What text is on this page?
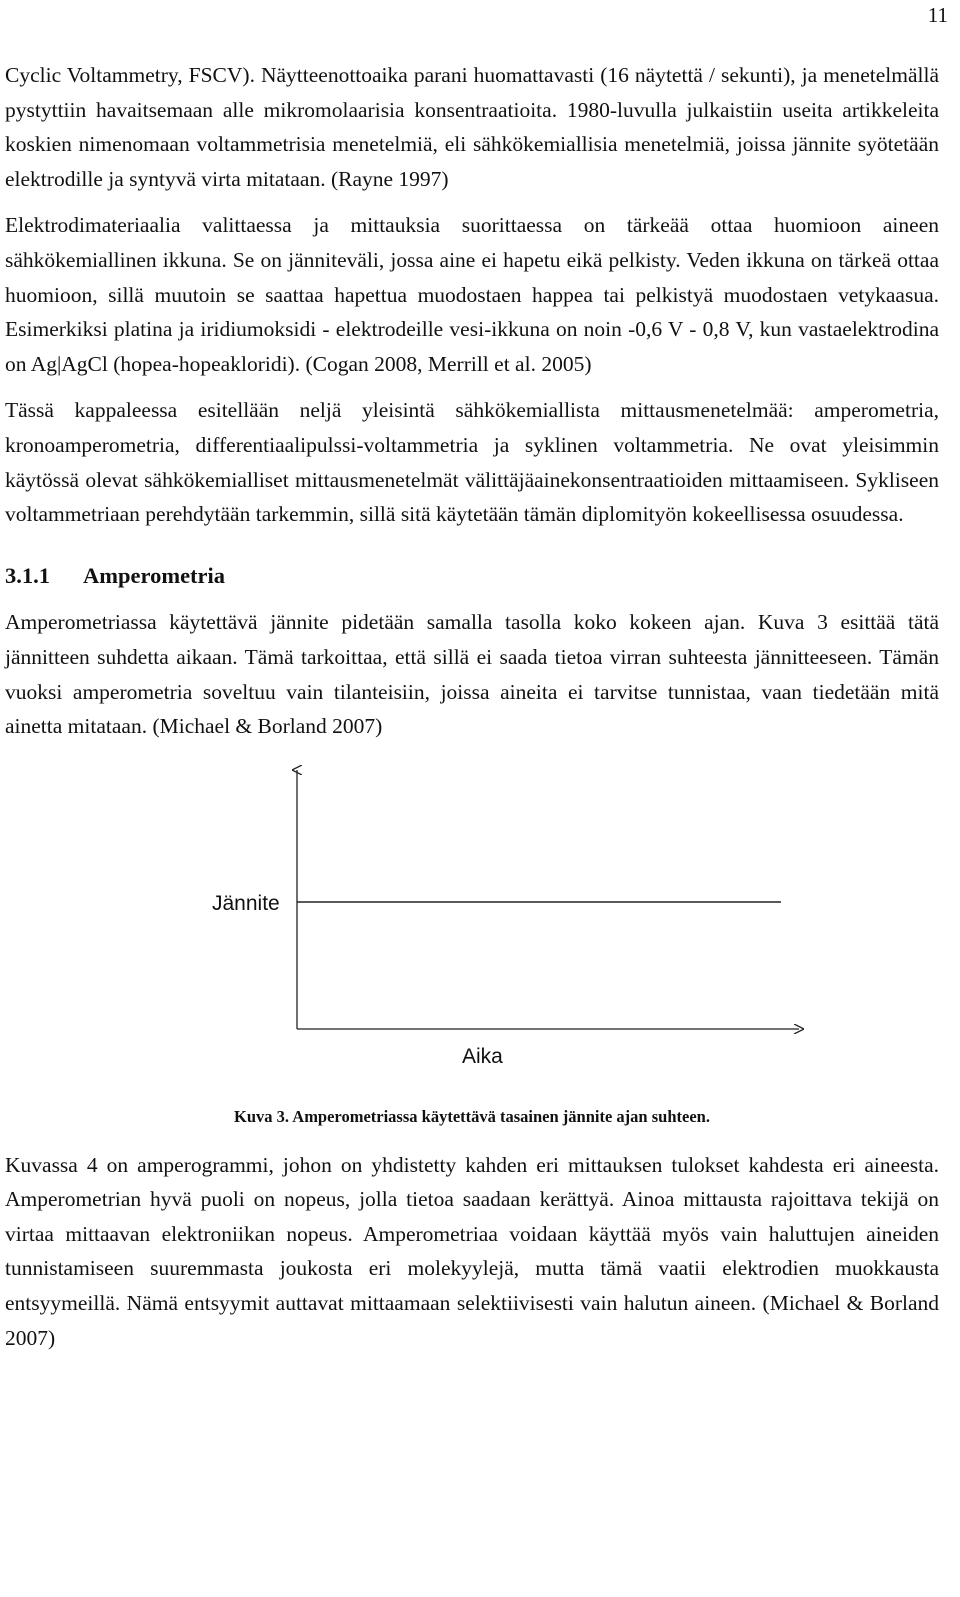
11

Cyclic Voltammetry, FSCV). Näytteenottoaika parani huomattavasti (16 näytettä / sekunti), ja menetelmällä pystyttiin havaitsemaan alle mikromolaarisia konsentraatioita. 1980-luvulla julkaistiin useita artikkeleita koskien nimenomaan voltammetrisia menetelmiä, eli sähkökemiallisia menetelmiä, joissa jännite syötetään elektrodille ja syntyvä virta mitataan. (Rayne 1997)

Elektrodimateriaalia valittaessa ja mittauksia suorittaessa on tärkeää ottaa huomioon aineen sähkökemiallinen ikkuna. Se on jänniteväli, jossa aine ei hapetu eikä pelkisty. Veden ikkuna on tärkeä ottaa huomioon, sillä muutoin se saattaa hapettua muodostaen happea tai pelkistyä muodostaen vetykaasua. Esimerkiksi platina ja iridiumoksidi - elektrodeille vesi-ikkuna on noin -0,6 V - 0,8 V, kun vastaelektrodina on Ag|AgCl (hopea-hopeakloridi). (Cogan 2008, Merrill et al. 2005)

Tässä kappaleessa esitellään neljä yleisintä sähkökemiallista mittausmenetelmää: amperometria, kronoamperometria, differentiaalipulssi-voltammetria ja syklinen voltammetria. Ne ovat yleisimmin käytössä olevat sähkökemialliset mittausmenetelmät välittäjäainekonsentraatioiden mittaamiseen. Sykliseen voltammetriaan perehdytään tarkemmin, sillä sitä käytetään tämän diplomityön kokeellisessa osuudessa.

3.1.1 Amperometria

Amperometriassa käytettävä jännite pidetään samalla tasolla koko kokeen ajan. Kuva 3 esittää tätä jännitteen suhdetta aikaan. Tämä tarkoittaa, että sillä ei saada tietoa virran suhteesta jännitteeseen. Tämän vuoksi amperometria soveltuu vain tilanteisiin, joissa aineita ei tarvitse tunnistaa, vaan tiedetään mitä ainetta mitataan. (Michael & Borland 2007)

Jännite
Aika
Kuva 3. Amperometriassa käytettävä tasainen jännite ajan suhteen.

Kuvassa 4 on amperogrammi, johon on yhdistetty kahden eri mittauksen tulokset kahdesta eri aineesta. Amperometrian hyvä puoli on nopeus, jolla tietoa saadaan kerättyä. Ainoa mittausta rajoittava tekijä on virtaa mittaavan elektroniikan nopeus. Amperometriaa voidaan käyttää myös vain haluttujen aineiden tunnistamiseen suuremmasta joukosta eri molekyylejä, mutta tämä vaatii elektrodien muokkausta entsyymeillä. Nämä entsyymit auttavat mittaamaan selektiivisesti vain halutun aineen. (Michael & Borland 2007)
